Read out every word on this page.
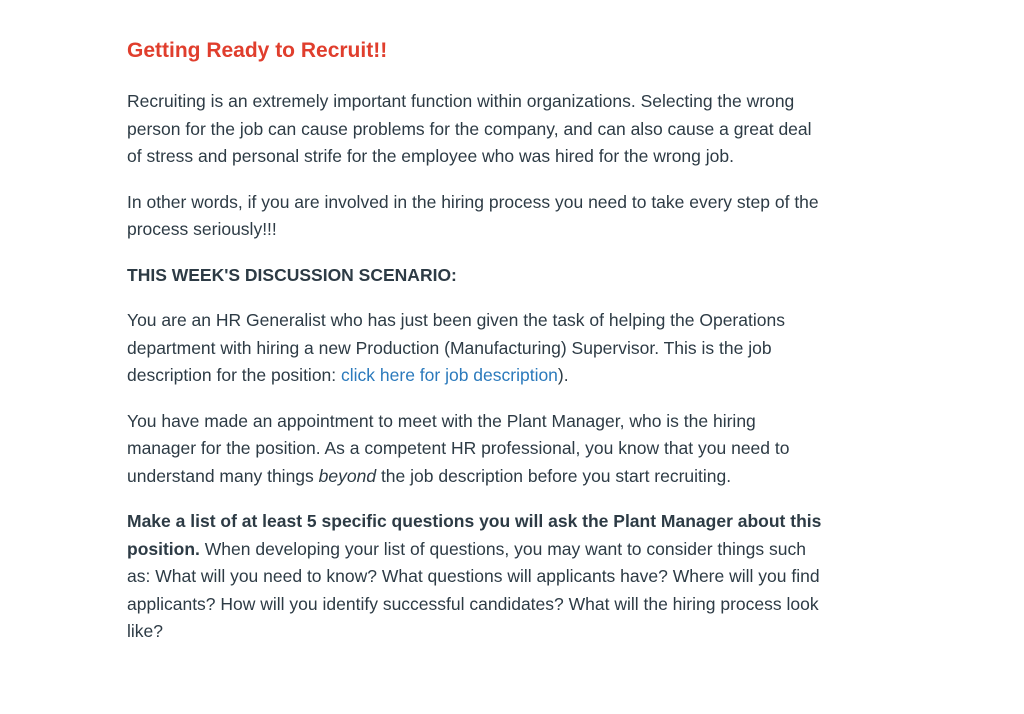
Getting Ready to Recruit!!

Recruiting is an extremely important function within organizations. Selecting the wrong person for the job can cause problems for the company, and can also cause a great deal of stress and personal strife for the employee who was hired for the wrong job.

In other words, if you are involved in the hiring process you need to take every step of the process seriously!!!

THIS WEEK'S DISCUSSION SCENARIO:

You are an HR Generalist who has just been given the task of helping the Operations department with hiring a new Production (Manufacturing) Supervisor. This is the job description for the position: click here for job description).

You have made an appointment to meet with the Plant Manager, who is the hiring manager for the position. As a competent HR professional, you know that you need to understand many things beyond the job description before you start recruiting.

Make a list of at least 5 specific questions you will ask the Plant Manager about this position. When developing your list of questions, you may want to consider things such as: What will you need to know? What questions will applicants have? Where will you find applicants? How will you identify successful candidates? What will the hiring process look like?
